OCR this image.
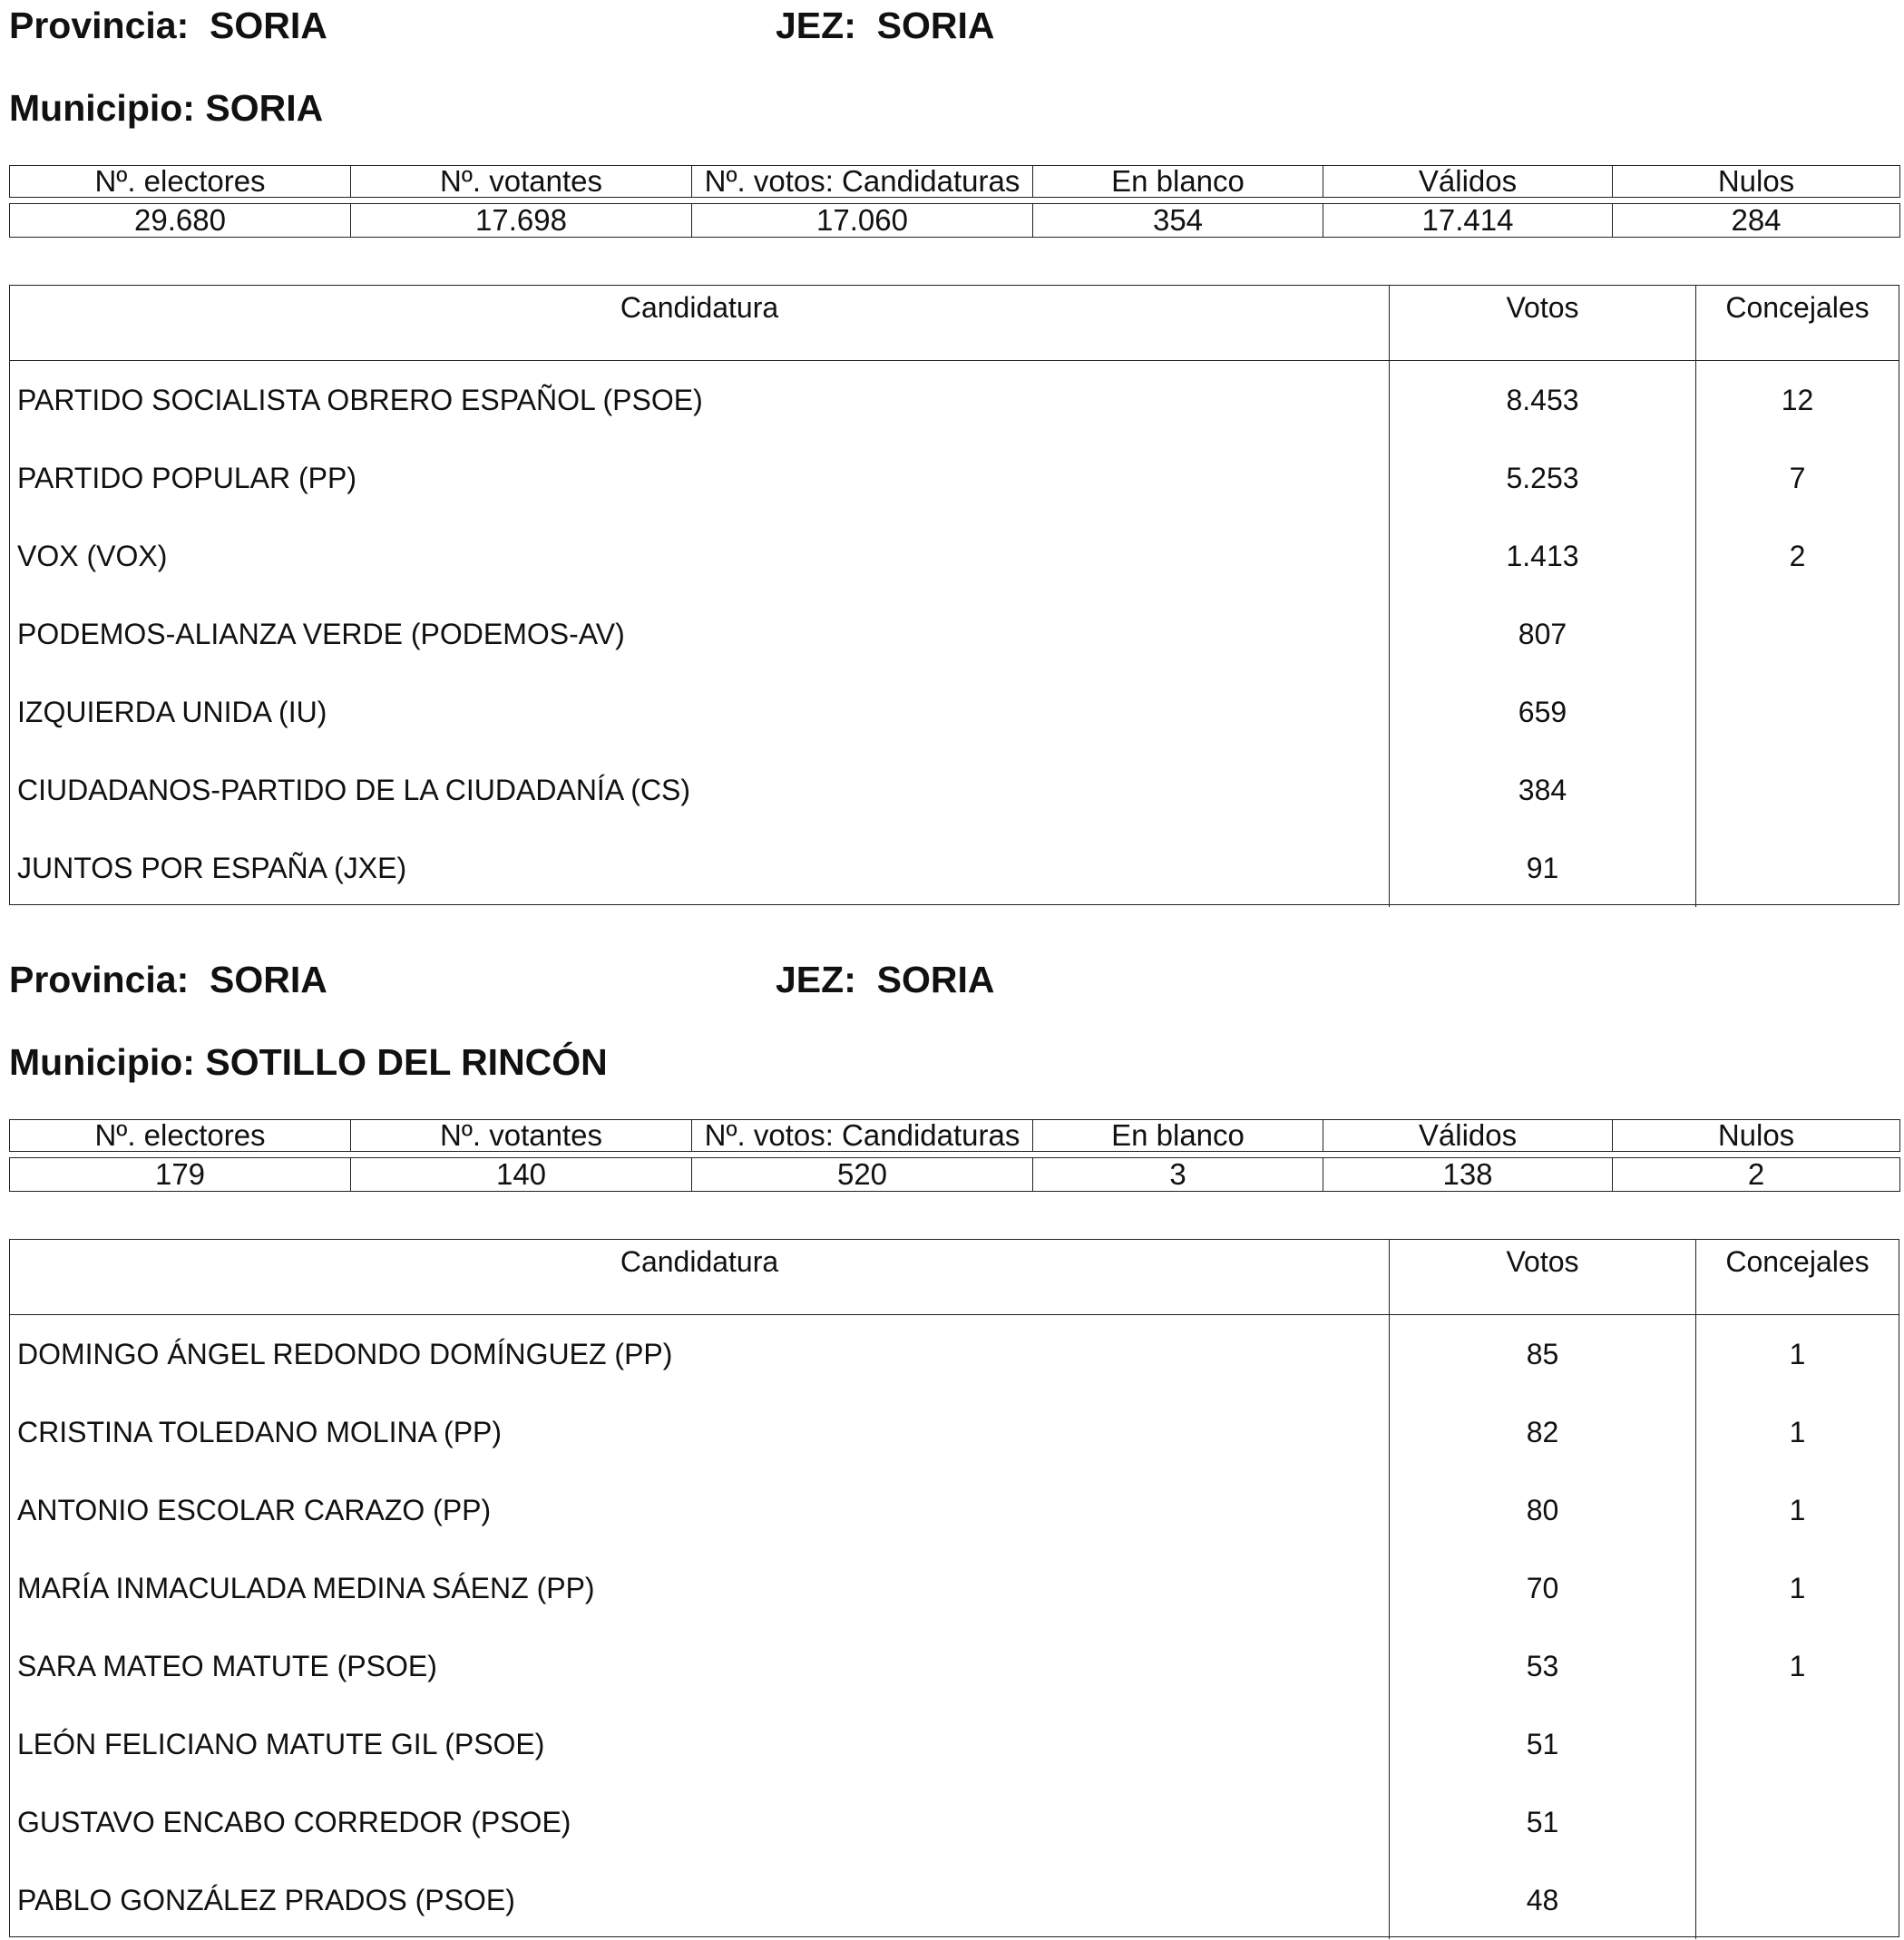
Provincia: SORIA	JEZ: SORIA
Municipio: SORIA
Nº. electores	Nº. votantes	Nº. votos: Candidaturas	En blanco	Válidos	Nulos

29.680	17.698	17.060	354	17.414	284
Candidatura	Votos	Concejales
PARTIDO SOCIALISTA OBRERO ESPAÑOL (PSOE)	8.453	12
PARTIDO POPULAR (PP)	5.253	7
VOX (VOX)	1.413	2
PODEMOS-ALIANZA VERDE (PODEMOS-AV)	807
IZQUIERDA UNIDA (IU)	659
CIUDADANOS-PARTIDO DE LA CIUDADANÍA (CS)	384
JUNTOS POR ESPAÑA (JXE)	91
Provincia: SORIA	JEZ: SORIA
Municipio: SOTILLO DEL RINCÓN
Nº. electores	Nº. votantes	Nº. votos: Candidaturas	En blanco	Válidos	Nulos

179	140	520	3	138	2
Candidatura	Votos	Concejales
DOMINGO ÁNGEL REDONDO DOMÍNGUEZ (PP)	85	1
CRISTINA TOLEDANO MOLINA (PP)	82	1
ANTONIO ESCOLAR CARAZO (PP)	80	1
MARÍA INMACULADA MEDINA SÁENZ (PP)	70	1
SARA MATEO MATUTE (PSOE)	53	1
LEÓN FELICIANO MATUTE GIL (PSOE)	51
GUSTAVO ENCABO CORREDOR (PSOE)	51
PABLO GONZÁLEZ PRADOS (PSOE)	48
